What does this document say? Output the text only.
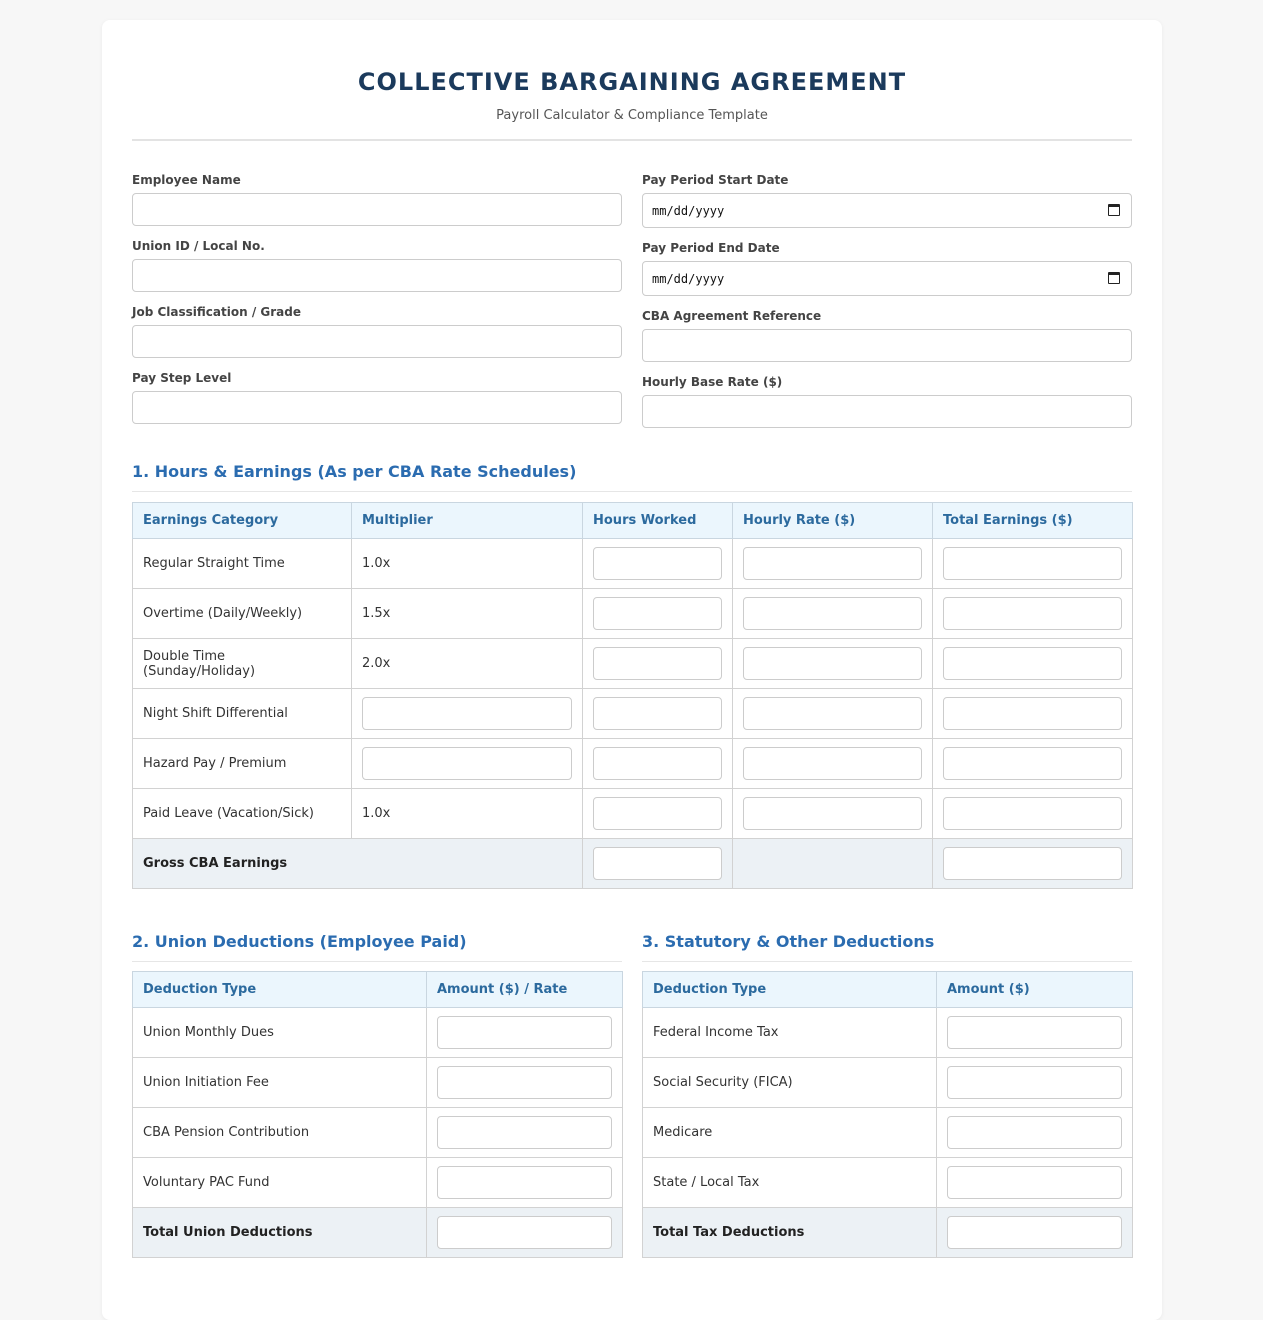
COLLECTIVE BARGAINING AGREEMENT
Payroll Calculator & Compliance Template
Employee Name
Union ID / Local No.
Job Classification / Grade
Pay Step Level
Pay Period Start Date
mm/dd/yyyy
Pay Period End Date
mm/dd/yyyy
CBA Agreement Reference
Hourly Base Rate ($)
1. Hours & Earnings (As per CBA Rate Schedules)
Earnings Category	Multiplier	Hours Worked	Hourly Rate ($)	Total Earnings ($)
Regular Straight Time	1.0x	

Overtime (Daily/Weekly)	1.5x	

Double Time (Sunday/Holiday)	2.0x	

Night Shift Differential	

Hazard Pay / Premium	

Paid Leave (Vacation/Sick)	1.0x	

Gross CBA Earnings	

2. Union Deductions (Employee Paid)
Deduction Type	Amount ($) / Rate
Union Monthly Dues	

Union Initiation Fee	

CBA Pension Contribution	

Voluntary PAC Fund	

Total Union Deductions	
3. Statutory & Other Deductions
Deduction Type	Amount ($)
Federal Income Tax	

Social Security (FICA)	

Medicare	

State / Local Tax	

Total Tax Deductions	
